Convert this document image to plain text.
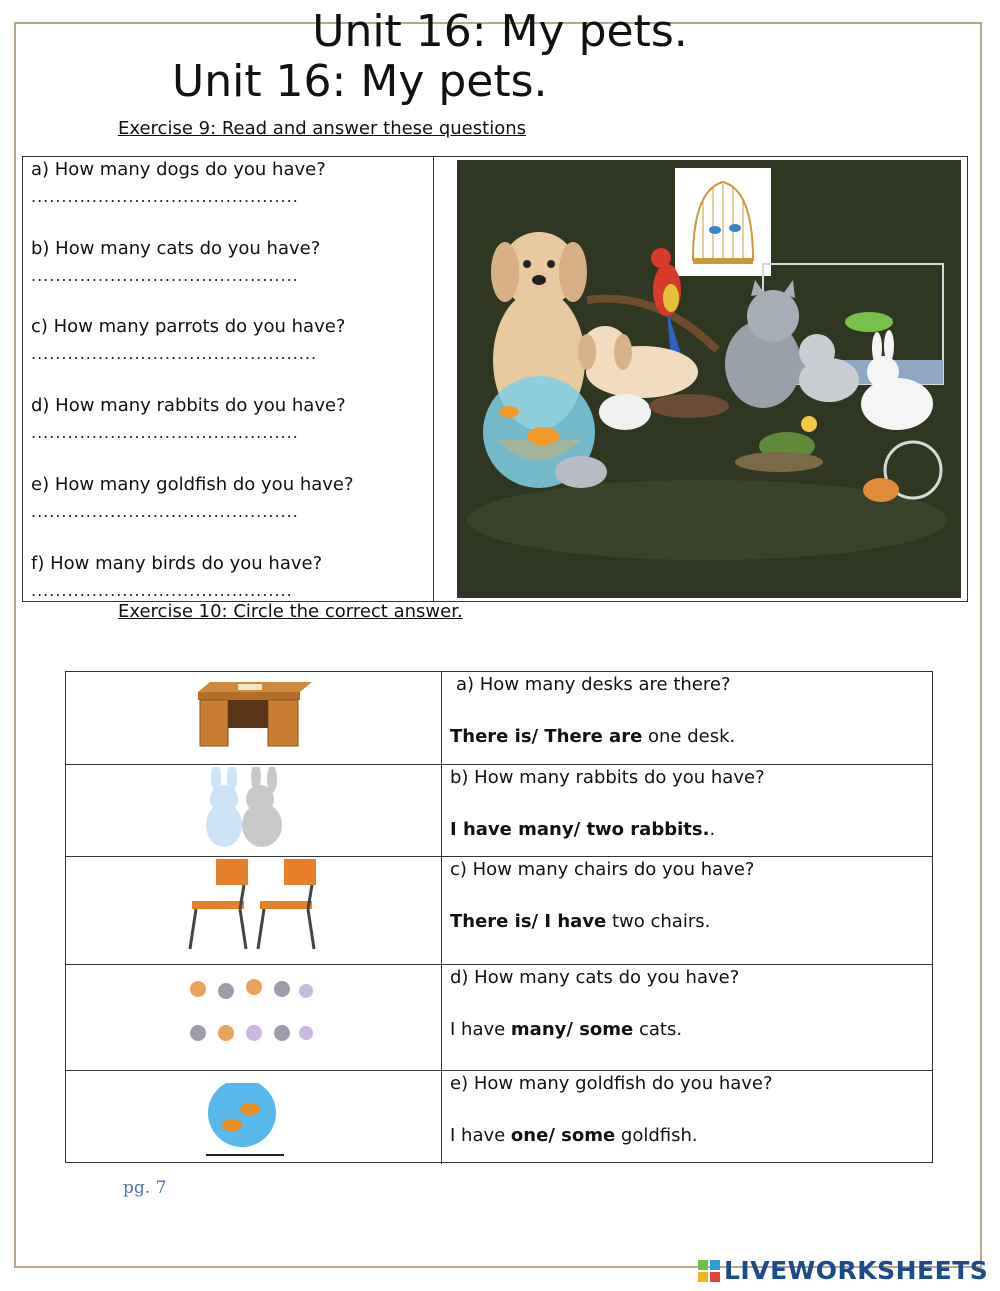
Unit 16: My pets.
Unit 16: My pets.
Exercise 9: Read and answer these questions
a) How many dogs do you have?
............................................
b) How many cats do you have?
............................................
c) How many parrots do you have?
...............................................
d) How many rabbits do you have?
............................................
e) How many goldfish do you have?
............................................
f) How many birds do you have?
...........................................
Exercise 10: Circle the correct answer.
a) How many desks are there?
There is/ There are one desk.
b) How many rabbits do you have?
I have many/ two rabbits..
c) How many chairs do you have?
There is/ I have two chairs.
d) How many cats do you have?
I have many/ some cats.
e) How many goldfish do you have?
I have one/ some goldfish.
pg. 7
LIVEWORKSHEETS
